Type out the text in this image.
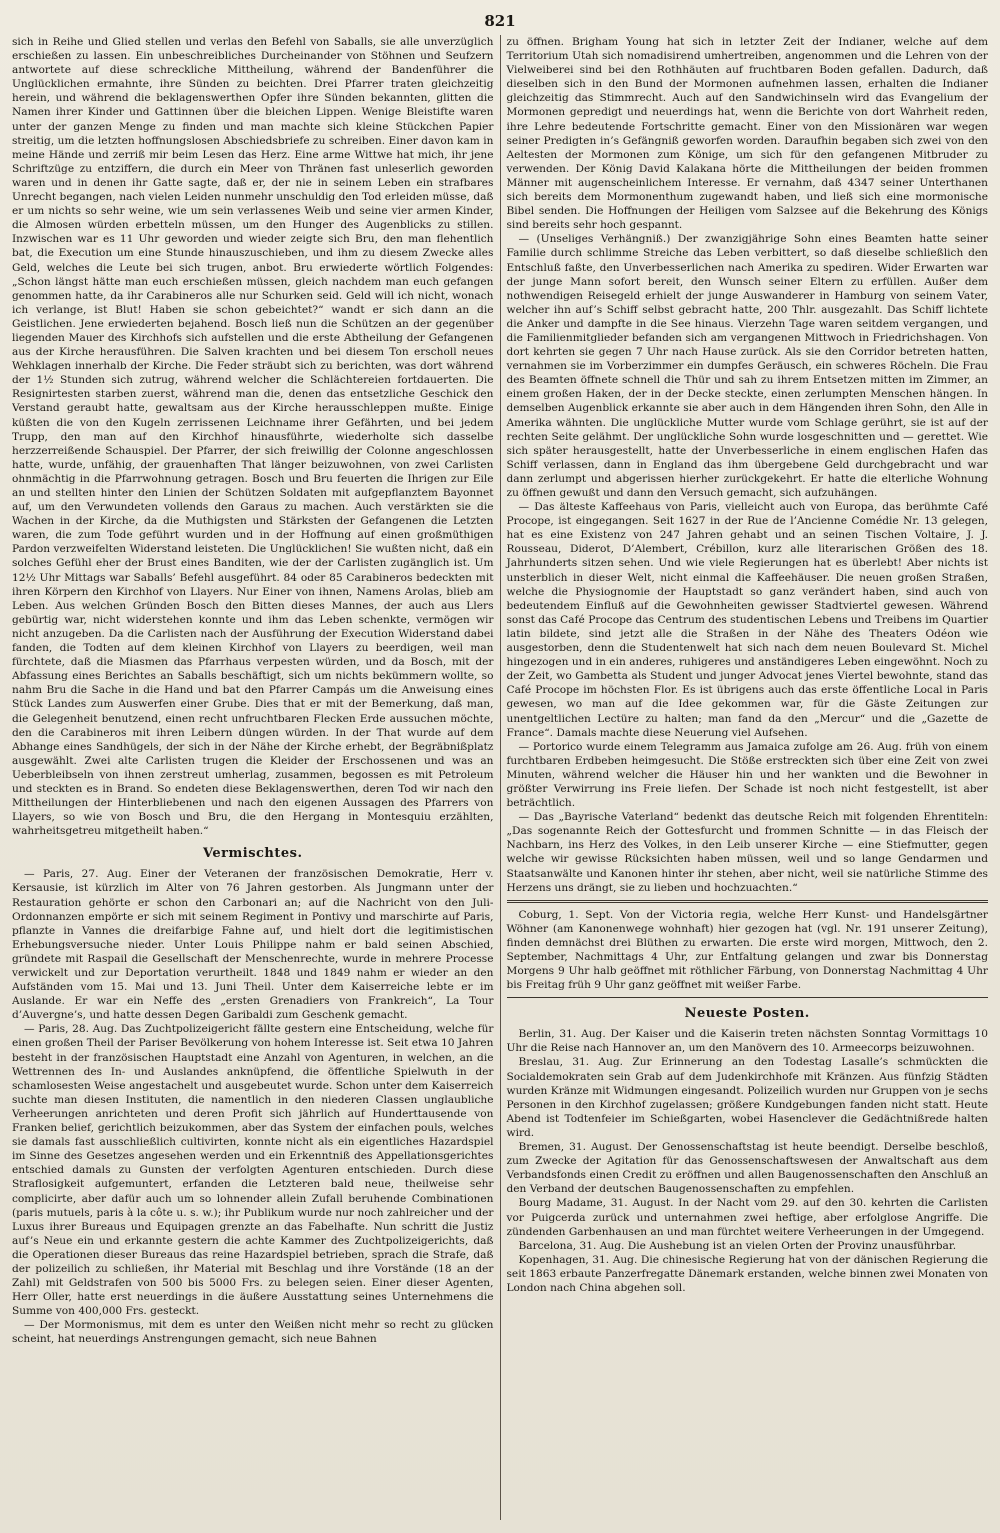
821

sich in Reihe und Glied stellen und verlas den Befehl von Saballs, sie alle unverzüglich erschießen zu lassen. Ein unbeschreibliches Durcheinander von Stöhnen und Seufzern antwortete auf diese schreckliche Mittheilung, während der Bandenführer die Unglücklichen ermahnte, ihre Sünden zu beichten. Drei Pfarrer traten gleichzeitig herein, und während die beklagenswerthen Opfer ihre Sünden bekannten, glitten die Namen ihrer Kinder und Gattinnen über die bleichen Lippen. Wenige Bleistifte waren unter der ganzen Menge zu finden und man machte sich kleine Stückchen Papier streitig, um die letzten hoffnungslosen Abschiedsbriefe zu schreiben. Einer davon kam in meine Hände und zerriß mir beim Lesen das Herz. Eine arme Wittwe hat mich, ihr jene Schriftzüge zu entziffern, die durch ein Meer von Thränen fast unleserlich geworden waren und in denen ihr Gatte sagte, daß er, der nie in seinem Leben ein strafbares Unrecht begangen, nach vielen Leiden nunmehr unschuldig den Tod erleiden müsse, daß er um nichts so sehr weine, wie um sein verlassenes Weib und seine vier armen Kinder, die Almosen würden erbetteln müssen, um den Hunger des Augenblicks zu stillen. Inzwischen war es 11 Uhr geworden und wieder zeigte sich Bru, den man flehentlich bat, die Execution um eine Stunde hinauszuschieben, und ihm zu diesem Zwecke alles Geld, welches die Leute bei sich trugen, anbot. Bru erwiederte wörtlich Folgendes: „Schon längst hätte man euch erschießen müssen, gleich nachdem man euch gefangen genommen hatte, da ihr Carabineros alle nur Schurken seid. Geld will ich nicht, wonach ich verlange, ist Blut! Haben sie schon gebeichtet?“ wandt er sich dann an die Geistlichen. Jene erwiederten bejahend. Bosch ließ nun die Schützen an der gegenüber liegenden Mauer des Kirchhofs sich aufstellen und die erste Abtheilung der Gefangenen aus der Kirche herausführen. Die Salven krachten und bei diesem Ton erscholl neues Wehklagen innerhalb der Kirche. Die Feder sträubt sich zu berichten, was dort während der 1½ Stunden sich zutrug, während welcher die Schlächtereien fortdauerten. Die Resignirtesten starben zuerst, während man die, denen das entsetzliche Geschick den Verstand geraubt hatte, gewaltsam aus der Kirche herausschleppen mußte. Einige küßten die von den Kugeln zerrissenen Leichname ihrer Gefährten, und bei jedem Trupp, den man auf den Kirchhof hinausführte, wiederholte sich dasselbe herzzerreißende Schauspiel. Der Pfarrer, der sich freiwillig der Colonne angeschlossen hatte, wurde, unfähig, der grauenhaften That länger beizuwohnen, von zwei Carlisten ohnmächtig in die Pfarrwohnung getragen. Bosch und Bru feuerten die Ihrigen zur Eile an und stellten hinter den Linien der Schützen Soldaten mit aufgepflanztem Bayonnet auf, um den Verwundeten vollends den Garaus zu machen. Auch verstärkten sie die Wachen in der Kirche, da die Muthigsten und Stärksten der Gefangenen die Letzten waren, die zum Tode geführt wurden und in der Hoffnung auf einen großmüthigen Pardon verzweifelten Widerstand leisteten. Die Unglücklichen! Sie wußten nicht, daß ein solches Gefühl eher der Brust eines Banditen, wie der der Carlisten zugänglich ist. Um 12½ Uhr Mittags war Saballs’ Befehl ausgeführt. 84 oder 85 Carabineros bedeckten mit ihren Körpern den Kirchhof von Llayers. Nur Einer von ihnen, Namens Arolas, blieb am Leben. Aus welchen Gründen Bosch den Bitten dieses Mannes, der auch aus Llers gebürtig war, nicht widerstehen konnte und ihm das Leben schenkte, vermögen wir nicht anzugeben. Da die Carlisten nach der Ausführung der Execution Widerstand dabei fanden, die Todten auf dem kleinen Kirchhof von Llayers zu beerdigen, weil man fürchtete, daß die Miasmen das Pfarrhaus verpesten würden, und da Bosch, mit der Abfassung eines Berichtes an Saballs beschäftigt, sich um nichts bekümmern wollte, so nahm Bru die Sache in die Hand und bat den Pfarrer Campás um die Anweisung eines Stück Landes zum Auswerfen einer Grube. Dies that er mit der Bemerkung, daß man, die Gelegenheit benutzend, einen recht unfruchtbaren Flecken Erde aussuchen möchte, den die Carabineros mit ihren Leibern düngen würden. In der That wurde auf dem Abhange eines Sandhügels, der sich in der Nähe der Kirche erhebt, der Begräbnißplatz ausgewählt. Zwei alte Carlisten trugen die Kleider der Erschossenen und was an Ueberbleibseln von ihnen zerstreut umherlag, zusammen, begossen es mit Petroleum und steckten es in Brand. So endeten diese Beklagenswerthen, deren Tod wir nach den Mittheilungen der Hinterbliebenen und nach den eigenen Aussagen des Pfarrers von Llayers, so wie von Bosch und Bru, die den Hergang in Montesquiu erzählten, wahrheitsgetreu mitgetheilt haben.“

Vermischtes.

— Paris, 27. Aug. Einer der Veteranen der französischen Demokratie, Herr v. Kersausie, ist kürzlich im Alter von 76 Jahren gestorben. Als Jungmann unter der Restauration gehörte er schon den Carbonari an; auf die Nachricht von den Juli-Ordonnanzen empörte er sich mit seinem Regiment in Pontivy und marschirte auf Paris, pflanzte in Vannes die dreifarbige Fahne auf, und hielt dort die legitimistischen Erhebungsversuche nieder. Unter Louis Philippe nahm er bald seinen Abschied, gründete mit Raspail die Gesellschaft der Menschenrechte, wurde in mehrere Processe verwickelt und zur Deportation verurtheilt. 1848 und 1849 nahm er wieder an den Aufständen vom 15. Mai und 13. Juni Theil. Unter dem Kaiserreiche lebte er im Auslande. Er war ein Neffe des „ersten Grenadiers von Frankreich“, La Tour d’Auvergne’s, und hatte dessen Degen Garibaldi zum Geschenk gemacht.

— Paris, 28. Aug. Das Zuchtpolizeigericht fällte gestern eine Entscheidung, welche für einen großen Theil der Pariser Bevölkerung von hohem Interesse ist. Seit etwa 10 Jahren besteht in der französischen Hauptstadt eine Anzahl von Agenturen, in welchen, an die Wettrennen des In- und Auslandes anknüpfend, die öffentliche Spielwuth in der schamlosesten Weise angestachelt und ausgebeutet wurde. Schon unter dem Kaiserreich suchte man diesen Instituten, die namentlich in den niederen Classen unglaubliche Verheerungen anrichteten und deren Profit sich jährlich auf Hunderttausende von Franken belief, gerichtlich beizukommen, aber das System der einfachen pouls, welches sie damals fast ausschließlich cultivirten, konnte nicht als ein eigentliches Hazardspiel im Sinne des Gesetzes angesehen werden und ein Erkenntniß des Appellationsgerichtes entschied damals zu Gunsten der verfolgten Agenturen entschieden. Durch diese Straflosigkeit aufgemuntert, erfanden die Letzteren bald neue, theilweise sehr complicirte, aber dafür auch um so lohnender allein Zufall beruhende Combinationen (paris mutuels, paris à la côte u. s. w.); ihr Publikum wurde nur noch zahlreicher und der Luxus ihrer Bureaus und Equipagen grenzte an das Fabelhafte. Nun schritt die Justiz auf’s Neue ein und erkannte gestern die achte Kammer des Zuchtpolizeigerichts, daß die Operationen dieser Bureaus das reine Hazardspiel betrieben, sprach die Strafe, daß der polizeilich zu schließen, ihr Material mit Beschlag und ihre Vorstände (18 an der Zahl) mit Geldstrafen von 500 bis 5000 Frs. zu belegen seien. Einer dieser Agenten, Herr Oller, hatte erst neuerdings in die äußere Ausstattung seines Unternehmens die Summe von 400,000 Frs. gesteckt.

— Der Mormonismus, mit dem es unter den Weißen nicht mehr so recht zu glücken scheint, hat neuerdings Anstrengungen gemacht, sich neue Bahnen

zu öffnen. Brigham Young hat sich in letzter Zeit der Indianer, welche auf dem Territorium Utah sich nomadisirend umhertreiben, angenommen und die Lehren von der Vielweiberei sind bei den Rothhäuten auf fruchtbaren Boden gefallen. Dadurch, daß dieselben sich in den Bund der Mormonen aufnehmen lassen, erhalten die Indianer gleichzeitig das Stimmrecht. Auch auf den Sandwichinseln wird das Evangelium der Mormonen gepredigt und neuerdings hat, wenn die Berichte von dort Wahrheit reden, ihre Lehre bedeutende Fortschritte gemacht. Einer von den Missionären war wegen seiner Predigten in’s Gefängniß geworfen worden. Daraufhin begaben sich zwei von den Aeltesten der Mormonen zum Könige, um sich für den gefangenen Mitbruder zu verwenden. Der König David Kalakana hörte die Mittheilungen der beiden frommen Männer mit augenscheinlichem Interesse. Er vernahm, daß 4347 seiner Unterthanen sich bereits dem Mormonenthum zugewandt haben, und ließ sich eine mormonische Bibel senden. Die Hoffnungen der Heiligen vom Salzsee auf die Bekehrung des Königs sind bereits sehr hoch gespannt.

— (Unseliges Verhängniß.) Der zwanzigjährige Sohn eines Beamten hatte seiner Familie durch schlimme Streiche das Leben verbittert, so daß dieselbe schließlich den Entschluß faßte, den Unverbesserlichen nach Amerika zu spediren. Wider Erwarten war der junge Mann sofort bereit, den Wunsch seiner Eltern zu erfüllen. Außer dem nothwendigen Reisegeld erhielt der junge Auswanderer in Hamburg von seinem Vater, welcher ihn auf’s Schiff selbst gebracht hatte, 200 Thlr. ausgezahlt. Das Schiff lichtete die Anker und dampfte in die See hinaus. Vierzehn Tage waren seitdem vergangen, und die Familienmitglieder befanden sich am vergangenen Mittwoch in Friedrichshagen. Von dort kehrten sie gegen 7 Uhr nach Hause zurück. Als sie den Corridor betreten hatten, vernahmen sie im Vorberzimmer ein dumpfes Geräusch, ein schweres Röcheln. Die Frau des Beamten öffnete schnell die Thür und sah zu ihrem Entsetzen mitten im Zimmer, an einem großen Haken, der in der Decke steckte, einen zerlumpten Menschen hängen. In demselben Augenblick erkannte sie aber auch in dem Hängenden ihren Sohn, den Alle in Amerika wähnten. Die unglückliche Mutter wurde vom Schlage gerührt, sie ist auf der rechten Seite gelähmt. Der unglückliche Sohn wurde losgeschnitten und — gerettet. Wie sich später herausgestellt, hatte der Unverbesserliche in einem englischen Hafen das Schiff verlassen, dann in England das ihm übergebene Geld durchgebracht und war dann zerlumpt und abgerissen hierher zurückgekehrt. Er hatte die elterliche Wohnung zu öffnen gewußt und dann den Versuch gemacht, sich aufzuhängen.

— Das älteste Kaffeehaus von Paris, vielleicht auch von Europa, das berühmte Café Procope, ist eingegangen. Seit 1627 in der Rue de l’Ancienne Comédie Nr. 13 gelegen, hat es eine Existenz von 247 Jahren gehabt und an seinen Tischen Voltaire, J. J. Rousseau, Diderot, D’Alembert, Crébillon, kurz alle literarischen Größen des 18. Jahrhunderts sitzen sehen. Und wie viele Regierungen hat es überlebt! Aber nichts ist unsterblich in dieser Welt, nicht einmal die Kaffeehäuser. Die neuen großen Straßen, welche die Physiognomie der Hauptstadt so ganz verändert haben, sind auch von bedeutendem Einfluß auf die Gewohnheiten gewisser Stadtviertel gewesen. Während sonst das Café Procope das Centrum des studentischen Lebens und Treibens im Quartier latin bildete, sind jetzt alle die Straßen in der Nähe des Theaters Odéon wie ausgestorben, denn die Studentenwelt hat sich nach dem neuen Boulevard St. Michel hingezogen und in ein anderes, ruhigeres und anständigeres Leben eingewöhnt. Noch zu der Zeit, wo Gambetta als Student und junger Advocat jenes Viertel bewohnte, stand das Café Procope im höchsten Flor. Es ist übrigens auch das erste öffentliche Local in Paris gewesen, wo man auf die Idee gekommen war, für die Gäste Zeitungen zur unentgeltlichen Lectüre zu halten; man fand da den „Mercur“ und die „Gazette de France“. Damals machte diese Neuerung viel Aufsehen.

— Portorico wurde einem Telegramm aus Jamaica zufolge am 26. Aug. früh von einem furchtbaren Erdbeben heimgesucht. Die Stöße erstreckten sich über eine Zeit von zwei Minuten, während welcher die Häuser hin und her wankten und die Bewohner in größter Verwirrung ins Freie liefen. Der Schade ist noch nicht festgestellt, ist aber beträchtlich.

— Das „Bayrische Vaterland“ bedenkt das deutsche Reich mit folgenden Ehrentiteln: „Das sogenannte Reich der Gottesfurcht und frommen Schnitte — in das Fleisch der Nachbarn, ins Herz des Volkes, in den Leib unserer Kirche — eine Stiefmutter, gegen welche wir gewisse Rücksichten haben müssen, weil und so lange Gendarmen und Staatsanwälte und Kanonen hinter ihr stehen, aber nicht, weil sie natürliche Stimme des Herzens uns drängt, sie zu lieben und hochzuachten.“

Coburg, 1. Sept. Von der Victoria regia, welche Herr Kunst- und Handelsgärtner Wöhner (am Kanonenwege wohnhaft) hier gezogen hat (vgl. Nr. 191 unserer Zeitung), finden demnächst drei Blüthen zu erwarten. Die erste wird morgen, Mittwoch, den 2. September, Nachmittags 4 Uhr, zur Entfaltung gelangen und zwar bis Donnerstag Morgens 9 Uhr halb geöffnet mit röthlicher Färbung, von Donnerstag Nachmittag 4 Uhr bis Freitag früh 9 Uhr ganz geöffnet mit weißer Farbe.

Neueste Posten.

Berlin, 31. Aug. Der Kaiser und die Kaiserin treten nächsten Sonntag Vormittags 10 Uhr die Reise nach Hannover an, um den Manövern des 10. Armeecorps beizuwohnen.

Breslau, 31. Aug. Zur Erinnerung an den Todestag Lasalle’s schmückten die Socialdemokraten sein Grab auf dem Judenkirchhofe mit Kränzen. Aus fünfzig Städten wurden Kränze mit Widmungen eingesandt. Polizeilich wurden nur Gruppen von je sechs Personen in den Kirchhof zugelassen; größere Kundgebungen fanden nicht statt. Heute Abend ist Todtenfeier im Schießgarten, wobei Hasenclever die Gedächtnißrede halten wird.

Bremen, 31. August. Der Genossenschaftstag ist heute beendigt. Derselbe beschloß, zum Zwecke der Agitation für das Genossenschaftswesen der Anwaltschaft aus dem Verbandsfonds einen Credit zu eröffnen und allen Baugenossenschaften den Anschluß an den Verband der deutschen Baugenossenschaften zu empfehlen.

Bourg Madame, 31. August. In der Nacht vom 29. auf den 30. kehrten die Carlisten vor Puigcerda zurück und unternahmen zwei heftige, aber erfolglose Angriffe. Die zündenden Garbenhausen an und man fürchtet weitere Verheerungen in der Umgegend.

Barcelona, 31. Aug. Die Aushebung ist an vielen Orten der Provinz unausführbar.

Kopenhagen, 31. Aug. Die chinesische Regierung hat von der dänischen Regierung die seit 1863 erbaute Panzerfregatte Dänemark erstanden, welche binnen zwei Monaten von London nach China abgehen soll.
